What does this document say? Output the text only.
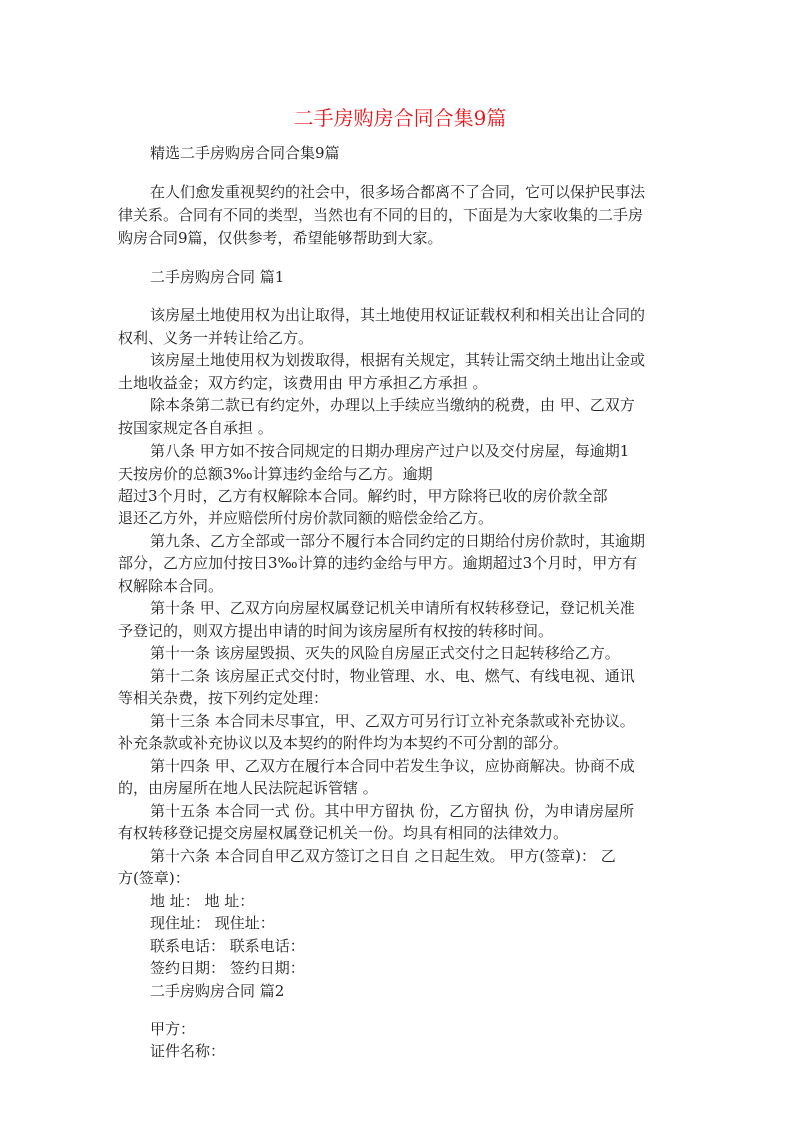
二手房购房合同合集9篇
精选二手房购房合同合集9篇
在人们愈发重视契约的社会中，很多场合都离不了合同，它可以保护民事法
律关系。合同有不同的类型，当然也有不同的目的，下面是为大家收集的二手房
购房合同9篇，仅供参考，希望能够帮助到大家。
二手房购房合同 篇1
该房屋土地使用权为出让取得，其土地使用权证证载权利和相关出让合同的
权利、义务一并转让给乙方。
该房屋土地使用权为划拨取得，根据有关规定，其转让需交纳土地出让金或
土地收益金；双方约定，该费用由 甲方承担乙方承担 。
除本条第二款已有约定外，办理以上手续应当缴纳的税费，由 甲、乙双方
按国家规定各自承担 。
第八条 甲方如不按合同规定的日期办理房产过户以及交付房屋，每逾期1
天按房价的总额3‰计算违约金给与乙方。逾期
超过3个月时，乙方有权解除本合同。解约时，甲方除将已收的房价款全部
退还乙方外，并应赔偿所付房价款同额的赔偿金给乙方。
第九条、乙方全部或一部分不履行本合同约定的日期给付房价款时，其逾期
部分，乙方应加付按日3‰计算的违约金给与甲方。逾期超过3个月时，甲方有
权解除本合同。
第十条 甲、乙双方向房屋权属登记机关申请所有权转移登记，登记机关准
予登记的，则双方提出申请的时间为该房屋所有权按的转移时间。
第十一条 该房屋毁损、灭失的风险自房屋正式交付之日起转移给乙方。
第十二条 该房屋正式交付时，物业管理、水、电、燃气、有线电视、通讯
等相关杂费，按下列约定处理：
第十三条 本合同未尽事宜，甲、乙双方可另行订立补充条款或补充协议。
补充条款或补充协议以及本契约的附件均为本契约不可分割的部分。
第十四条 甲、乙双方在履行本合同中若发生争议，应协商解决。协商不成
的，由房屋所在地人民法院起诉管辖 。
第十五条 本合同一式 份。其中甲方留执 份，乙方留执 份，为申请房屋所
有权转移登记提交房屋权属登记机关一份。均具有相同的法律效力。
第十六条 本合同自甲乙双方签订之日自 之日起生效。 甲方(签章)： 乙
方(签章)：
地 址： 地 址：
现住址： 现住址：
联系电话： 联系电话：
签约日期： 签约日期：
二手房购房合同 篇2
甲方：
证件名称：
